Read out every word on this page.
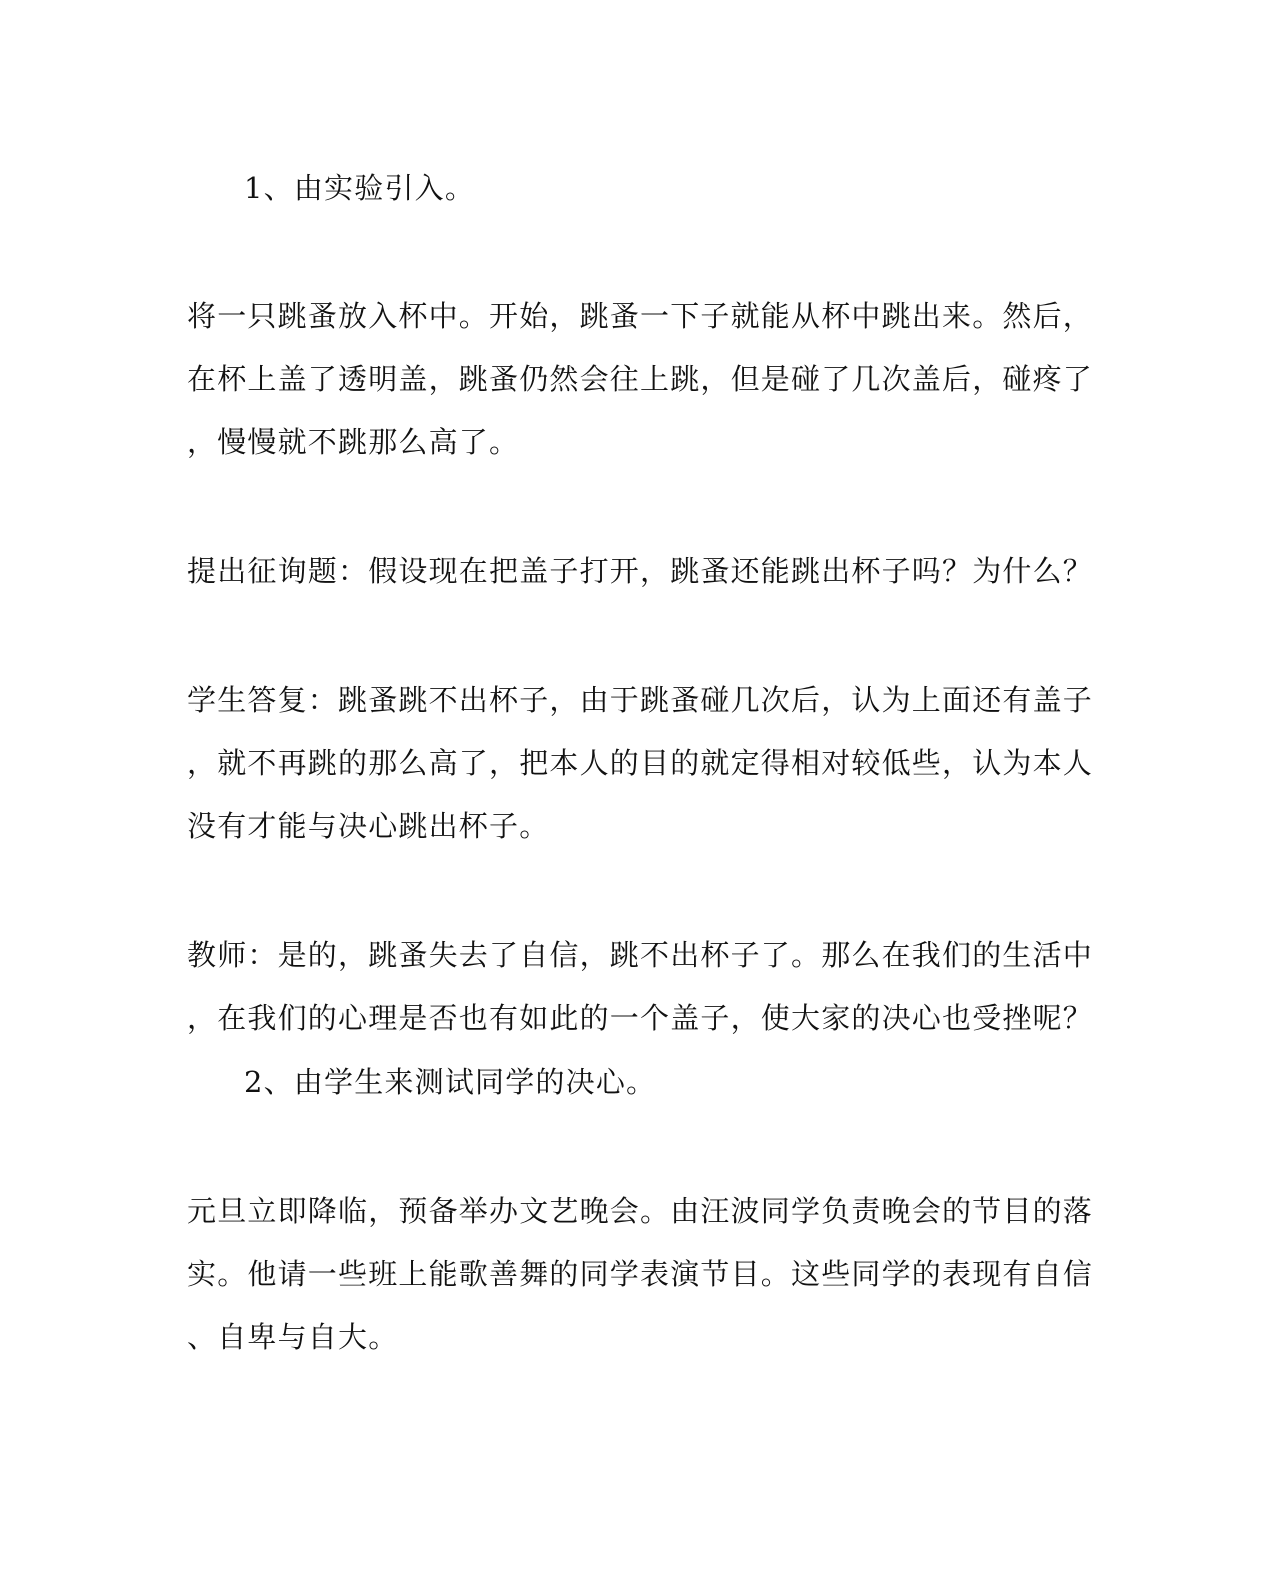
1、由实验引入。
将一只跳蚤放入杯中。开始，跳蚤一下子就能从杯中跳出来。然后，
在杯上盖了透明盖，跳蚤仍然会往上跳，但是碰了几次盖后，碰疼了
，慢慢就不跳那么高了。
提出征询题：假设现在把盖子打开，跳蚤还能跳出杯子吗？为什么？
学生答复：跳蚤跳不出杯子，由于跳蚤碰几次后，认为上面还有盖子
，就不再跳的那么高了，把本人的目的就定得相对较低些，认为本人
没有才能与决心跳出杯子。
教师：是的，跳蚤失去了自信，跳不出杯子了。那么在我们的生活中
，在我们的心理是否也有如此的一个盖子，使大家的决心也受挫呢？
2、由学生来测试同学的决心。
元旦立即降临，预备举办文艺晚会。由汪波同学负责晚会的节目的落
实。他请一些班上能歌善舞的同学表演节目。这些同学的表现有自信
、自卑与自大。
